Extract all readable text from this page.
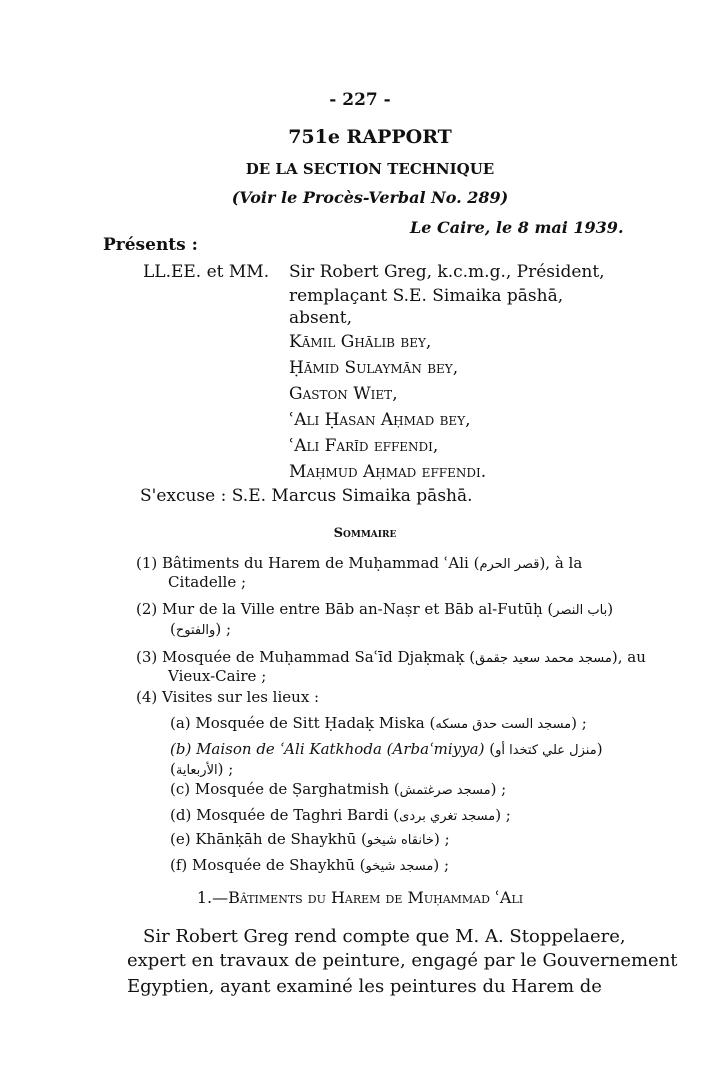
- 227 -
751e RAPPORT
DE LA SECTION TECHNIQUE
(Voir le Procès-Verbal No. 289)
Le Caire, le 8 mai 1939.
Présents :
LL.EE. et MM. Sir Robert Greg, k.c.m.g., Président,
remplaçant S.E. Simaika pāshā,
absent,
Kāmil Ghālib bey,
Ḥāmid Sulaymān bey,
Gaston Wiet,
ʿAli Ḥasan Aḥmad bey,
ʿAli Farīd effendi,
Maḥmud Aḥmad effendi.
S'excuse : S.E. Marcus Simaika pāshā.
Sommaire
(1) Bâtiments du Harem de Muḥammad ʿAli (قصر الحرم), à la
Citadelle ;
(2) Mur de la Ville entre Bāb an-Naṣr et Bāb al-Futūḥ (باب النصر)
(والفتوح) ;
(3) Mosquée de Muḥammad Saʿīd Djaḳmaḳ (مسجد محمد سعيد جقمق), au
Vieux-Caire ;
(4) Visites sur les lieux :
(a) Mosquée de Sitt Ḥadaḳ Miska (مسجد الست حدق مسكه) ;
(b) Maison de ʿAli Katkhoda (Arbaʿmiyya) (منزل علي كتخدا أو)
(الأربعاية) ;
(c) Mosquée de Ṣarghatmish (مسجد صرغتمش) ;
(d) Mosquée de Taghri Bardi (مسجد تغري بردى) ;
(e) Khānḳāh de Shaykhū (خانقاه شيخو) ;
(f) Mosquée de Shaykhū (مسجد شيخو) ;
1.—Bâtiments du Harem de Muḥammad ʿAli
Sir Robert Greg rend compte que M. A. Stoppelaere,
expert en travaux de peinture, engagé par le Gouvernement
Egyptien, ayant examiné les peintures du Harem de
